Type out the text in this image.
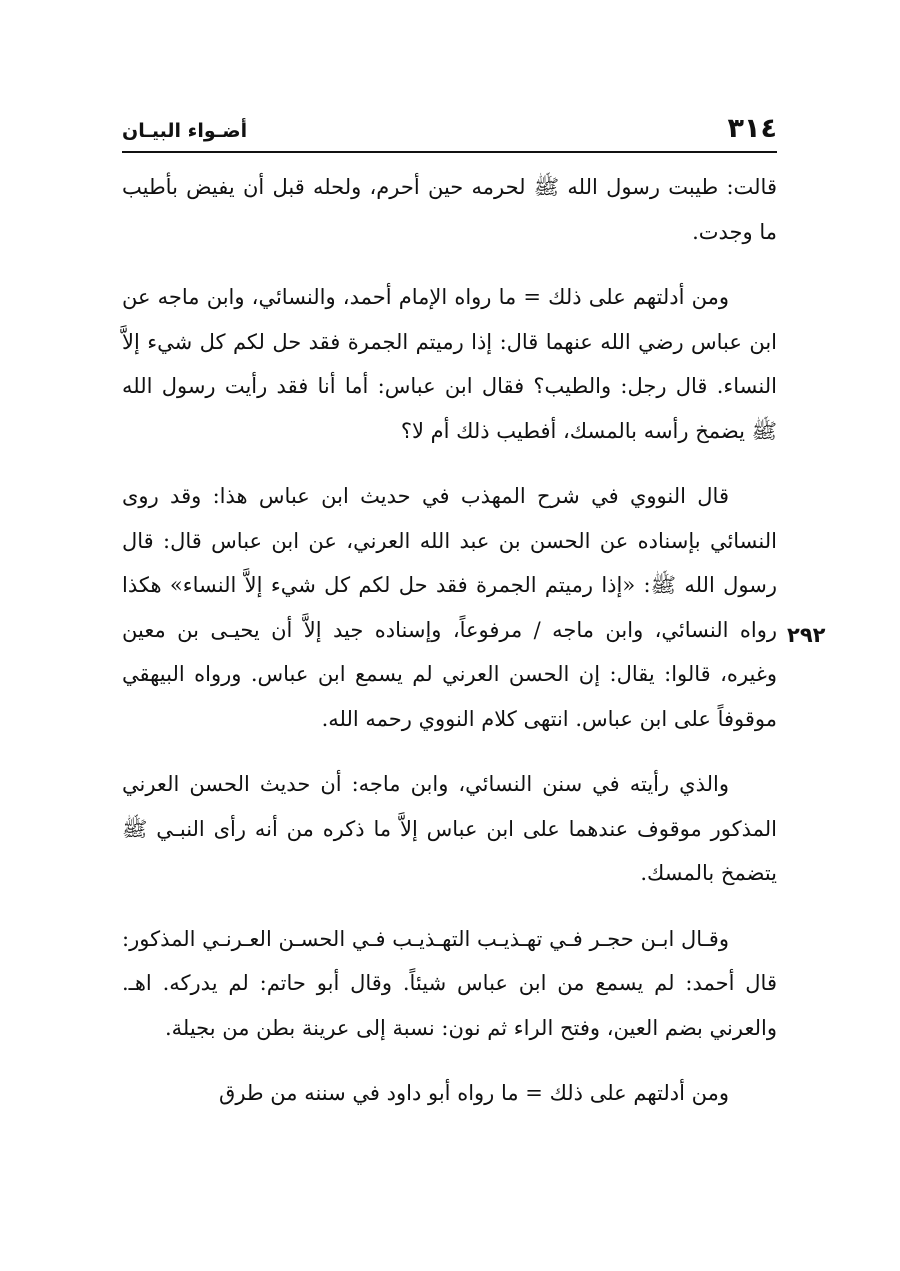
٣١٤
أضـواء البيـان
٢٩٢

قالت: طيبت رسول الله ﷺ لحرمه حين أحرم، ولحله قبل أن يفيض بأطيب ما وجدت.

ومن أدلتهم على ذلك = ما رواه الإمام أحمد، والنسائي، وابن ماجه عن ابن عباس رضي الله عنهما قال: إذا رميتم الجمرة فقد حل لكم كل شيء إلاَّ النساء. قال رجل: والطيب؟ فقال ابن عباس: أما أنا فقد رأيت رسول الله ﷺ يضمخ رأسه بالمسك، أفطيب ذلك أم لا؟

قال النووي في شرح المهذب في حديث ابن عباس هذا: وقد روى النسائي بإسناده عن الحسن بن عبد الله العرني، عن ابن عباس قال: قال رسول الله ﷺ: «إذا رميتم الجمرة فقد حل لكم كل شيء إلاَّ النساء» هكذا رواه النسائي، وابن ماجه / مرفوعاً، وإسناده جيد إلاَّ أن يحيـى بن معين وغيره، قالوا: يقال: إن الحسن العرني لم يسمع ابن عباس. ورواه البيهقي موقوفاً على ابن عباس. انتهى كلام النووي رحمه الله.

والذي رأيته في سنن النسائي، وابن ماجه: أن حديث الحسن العرني المذكور موقوف عندهما على ابن عباس إلاَّ ما ذكره من أنه رأى النبـي ﷺ يتضمخ بالمسك.

وقـال ابـن حجـر فـي تهـذيـب التهـذيـب فـي الحسـن العـرنـي المذكور: قال أحمد: لم يسمع من ابن عباس شيئاً. وقال أبو حاتم: لم يدركه. اهـ. والعرني بضم العين، وفتح الراء ثم نون: نسبة إلى عرينة بطن من بجيلة.

ومن أدلتهم على ذلك = ما رواه أبو داود في سننه من طرق
